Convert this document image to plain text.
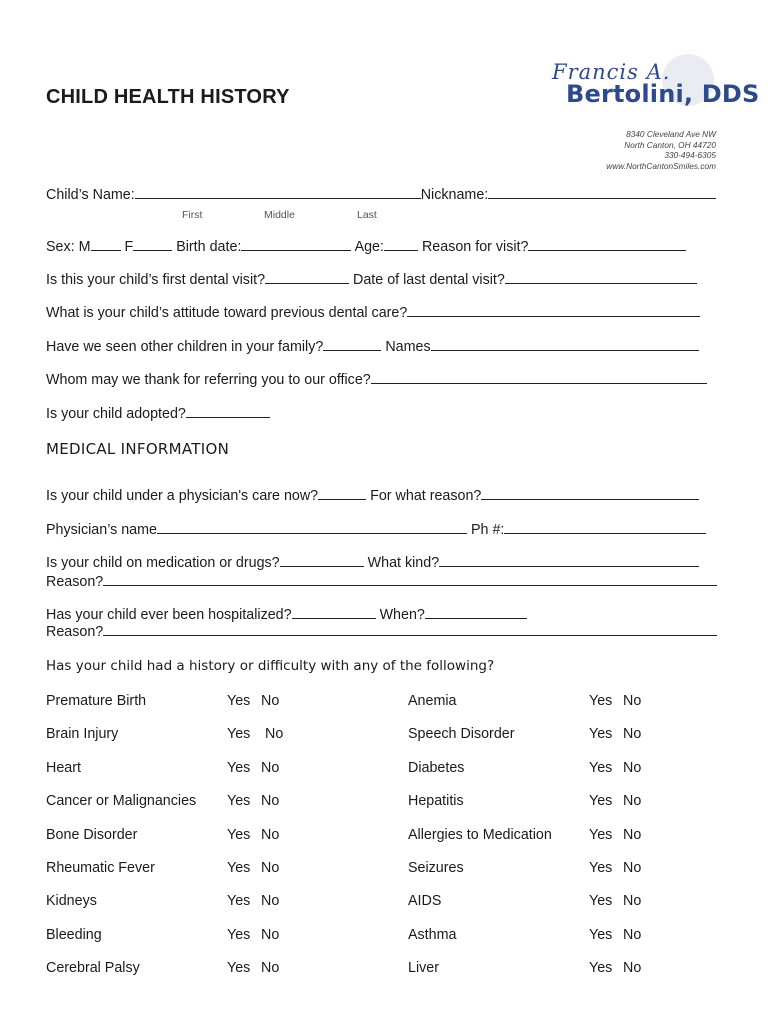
CHILD HEALTH HISTORY
Francis A.
Bertolini, DDS
8340 Cleveland Ave NW
North Canton, OH 44720
330-494-6305
www.NorthCantonSmiles.com
Child’s Name:	Nickname:
First	Middle	Last
Sex: M F	Birth date:	Age:	Reason for visit?
Is this your child’s first dental visit?	Date of last dental visit?
What is your child’s attitude toward previous dental care?
Have we seen other children in your family?	Names
Whom may we thank for referring you to our office?
Is your child adopted?
MEDICAL INFORMATION
Is your child under a physician's care now?	For what reason?
Physician’s name	Ph #:
Is your child on medication or drugs?	What kind?
Reason?
Has your child ever been hospitalized?	When?
Reason?
Has your child had a history or difficulty with any of the following?
Premature Birth	Yes No
Brain Injury	Yes No
Heart	Yes No
Cancer or Malignancies Yes No
Bone Disorder	Yes No
Rheumatic Fever	Yes No
Kidneys	Yes No
Bleeding	Yes No
Cerebral Palsy	Yes No
Anemia	Yes No
Speech Disorder	Yes No
Diabetes	Yes No
Hepatitis	Yes No
Allergies to Medication	Yes No
Seizures	Yes No
AIDS	Yes No
Asthma	Yes No
Liver	Yes No
